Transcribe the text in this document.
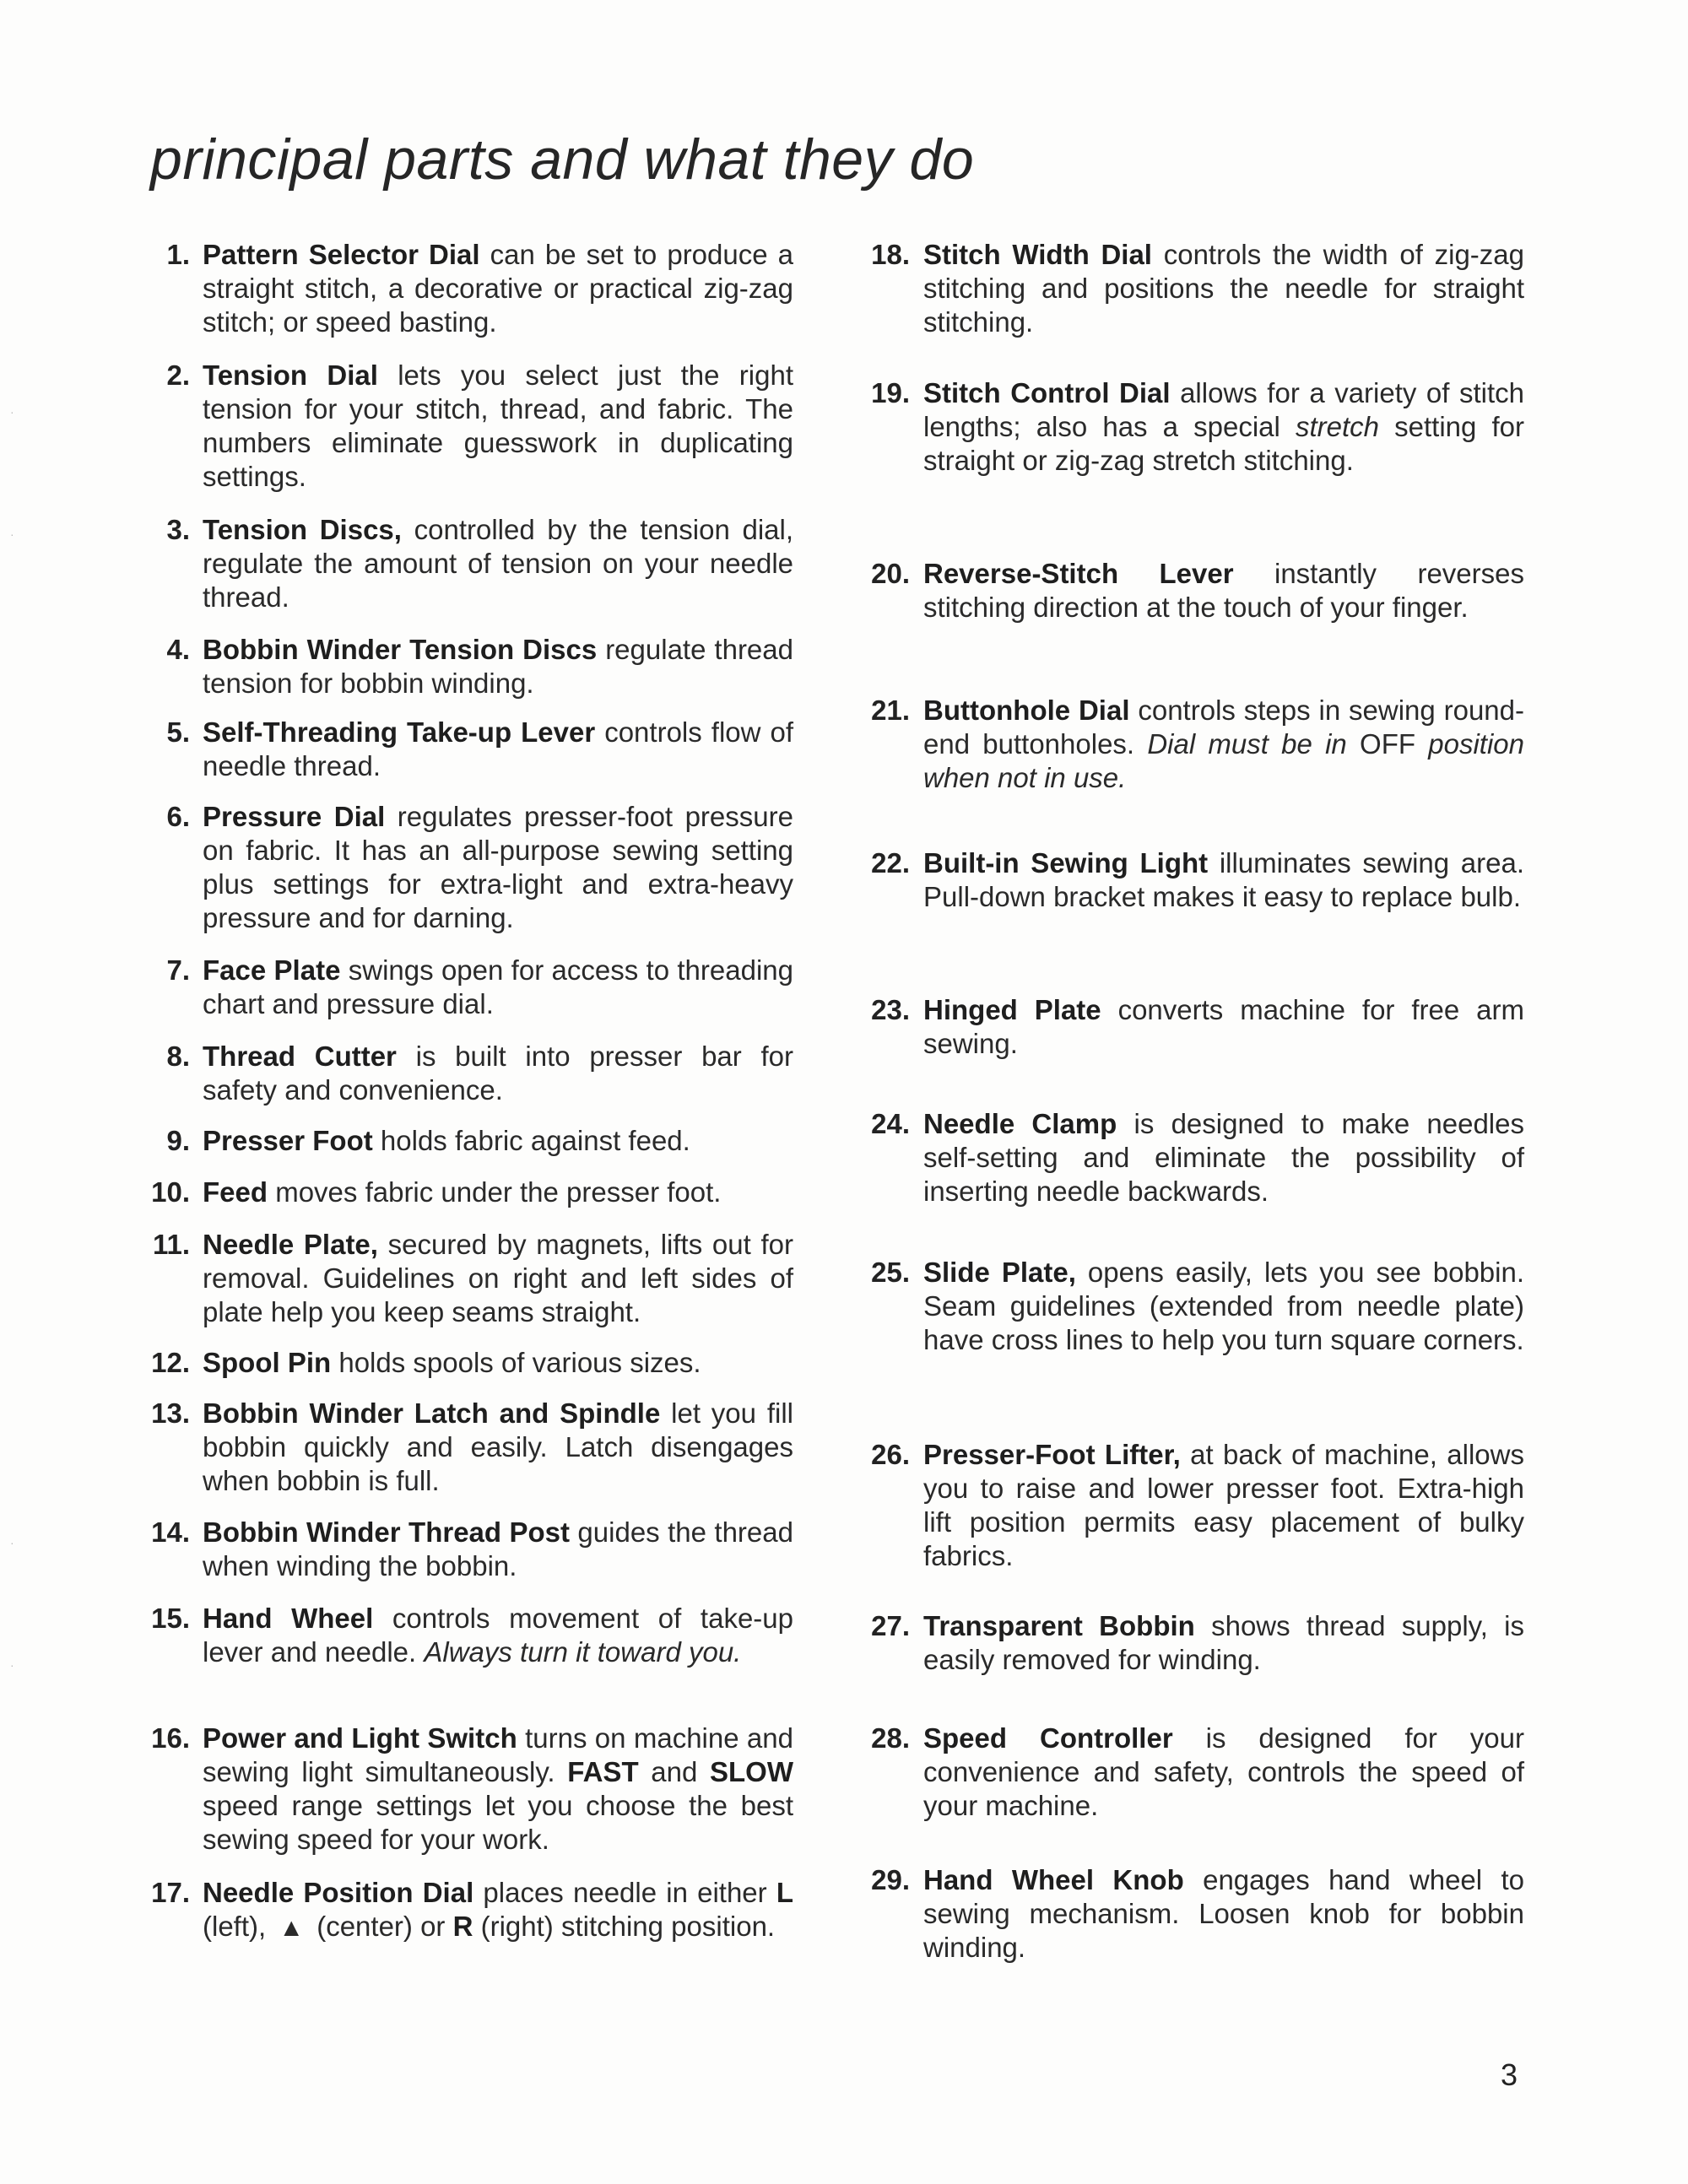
principal parts and what they do
1. Pattern Selector Dial can be set to produce a straight stitch, a decorative or practical zig-zag stitch; or speed basting.
2. Tension Dial lets you select just the right tension for your stitch, thread, and fabric. The numbers eliminate guesswork in duplicating settings.
3. Tension Discs, controlled by the tension dial, regulate the amount of tension on your needle thread.
4. Bobbin Winder Tension Discs regulate thread tension for bobbin winding.
5. Self-Threading Take-up Lever controls flow of needle thread.
6. Pressure Dial regulates presser-foot pressure on fabric. It has an all-purpose sewing setting plus settings for extra-light and extra-heavy pressure and for darning.
7. Face Plate swings open for access to threading chart and pressure dial.
8. Thread Cutter is built into presser bar for safety and convenience.
9. Presser Foot holds fabric against feed.
10. Feed moves fabric under the presser foot.
11. Needle Plate, secured by magnets, lifts out for removal. Guidelines on right and left sides of plate help you keep seams straight.
12. Spool Pin holds spools of various sizes.
13. Bobbin Winder Latch and Spindle let you fill bobbin quickly and easily. Latch disengages when bobbin is full.
14. Bobbin Winder Thread Post guides the thread when winding the bobbin.
15. Hand Wheel controls movement of take-up lever and needle. Always turn it toward you.
16. Power and Light Switch turns on machine and sewing light simultaneously. FAST and SLOW speed range settings let you choose the best sewing speed for your work.
17. Needle Position Dial places needle in either L (left), ▲ (center) or R (right) stitching position.
18. Stitch Width Dial controls the width of zig-zag stitching and positions the needle for straight stitching.
19. Stitch Control Dial allows for a variety of stitch lengths; also has a special stretch setting for straight or zig-zag stretch stitching.
20. Reverse-Stitch Lever instantly reverses stitching direction at the touch of your finger.
21. Buttonhole Dial controls steps in sewing round-end buttonholes. Dial must be in OFF position when not in use.
22. Built-in Sewing Light illuminates sewing area. Pull-down bracket makes it easy to replace bulb.
23. Hinged Plate converts machine for free arm sewing.
24. Needle Clamp is designed to make needles self-setting and eliminate the possibility of inserting needle backwards.
25. Slide Plate, opens easily, lets you see bobbin. Seam guidelines (extended from needle plate) have cross lines to help you turn square corners.
26. Presser-Foot Lifter, at back of machine, allows you to raise and lower presser foot. Extra-high lift position permits easy placement of bulky fabrics.
27. Transparent Bobbin shows thread supply, is easily removed for winding.
28. Speed Controller is designed for your convenience and safety, controls the speed of your machine.
29. Hand Wheel Knob engages hand wheel to sewing mechanism. Loosen knob for bobbin winding.
3
·
·
·
·
